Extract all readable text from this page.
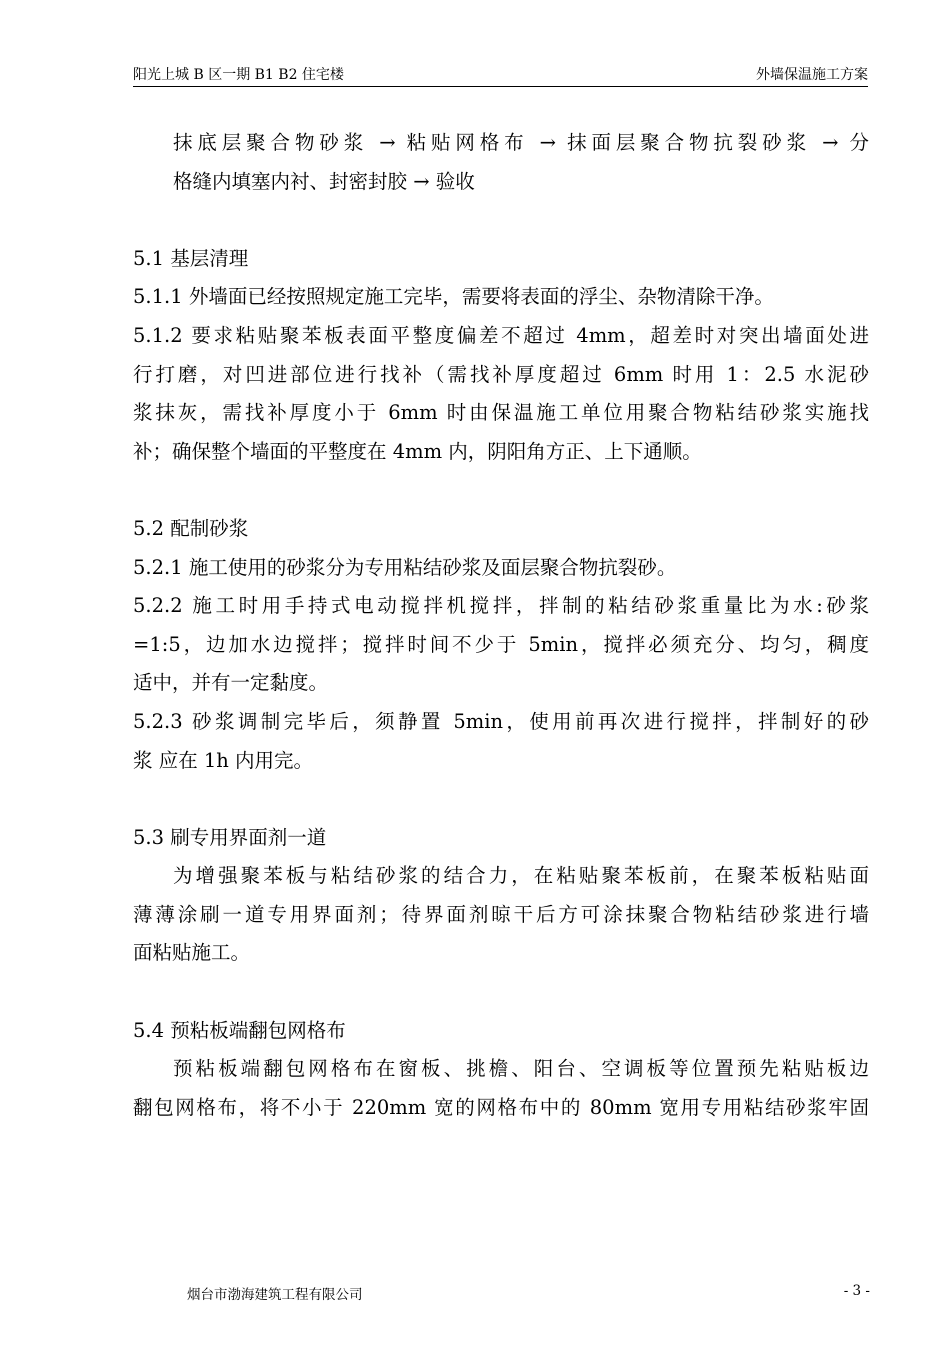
阳光上城 B 区一期 B1 B2 住宅楼	外墙保温施工方案
抹底层聚合物砂浆 → 粘贴网格布 → 抹面层聚合物抗裂砂浆 → 分
格缝内填塞内衬、封密封胶 → 验收
5.1 基层清理
5.1.1 外墙面已经按照规定施工完毕，需要将表面的浮尘、杂物清除干净。
5.1.2 要求粘贴聚苯板表面平整度偏差不超过 4mm，超差时对突出墙面处进
行打磨，对凹进部位进行找补（需找补厚度超过 6mm 时用 1：2.5 水泥砂
浆抹灰，需找补厚度小于 6mm 时由保温施工单位用聚合物粘结砂浆实施找
补；确保整个墙面的平整度在 4mm 内，阴阳角方正、上下通顺。
5.2 配制砂浆
5.2.1 施工使用的砂浆分为专用粘结砂浆及面层聚合物抗裂砂。
5.2.2 施工时用手持式电动搅拌机搅拌，拌制的粘结砂浆重量比为水:砂浆
=1:5，边加水边搅拌；搅拌时间不少于 5min，搅拌必须充分、均匀，稠度
适中，并有一定黏度。
5.2.3 砂浆调制完毕后，须静置 5min，使用前再次进行搅拌，拌制好的砂
浆 应在 1h 内用完。
5.3 刷专用界面剂一道
为增强聚苯板与粘结砂浆的结合力，在粘贴聚苯板前，在聚苯板粘贴面
薄薄涂刷一道专用界面剂；待界面剂晾干后方可涂抹聚合物粘结砂浆进行墙
面粘贴施工。
5.4 预粘板端翻包网格布
预粘板端翻包网格布在窗板、挑檐、阳台、空调板等位置预先粘贴板边
翻包网格布，将不小于 220mm 宽的网格布中的 80mm 宽用专用粘结砂浆牢固
烟台市渤海建筑工程有限公司	- 3 -
